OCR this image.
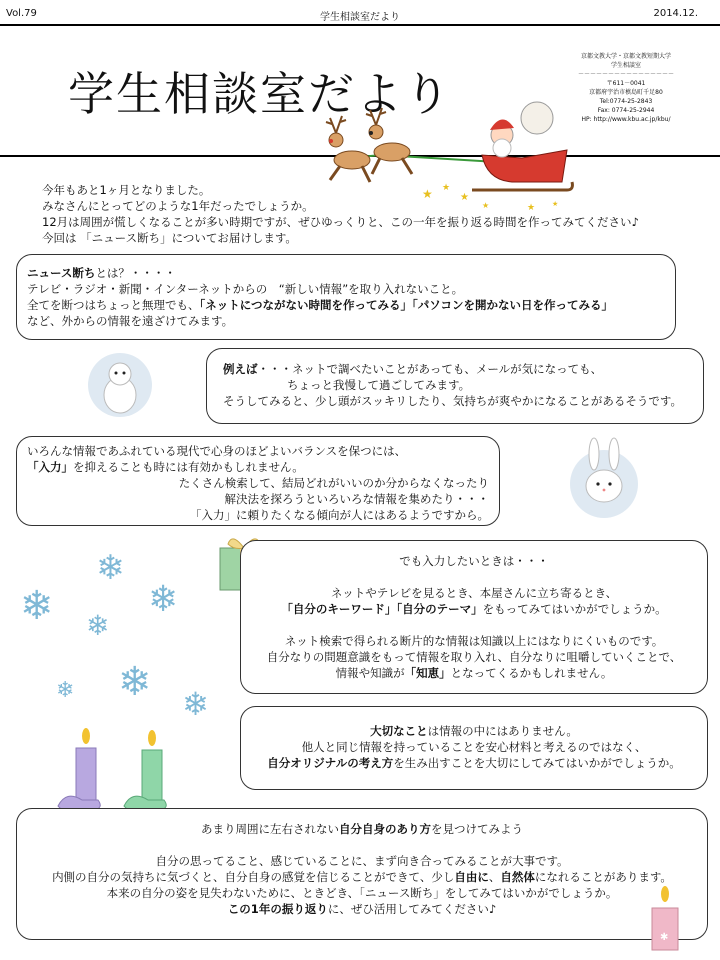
Vol.79	学生相談室だより	2014.12.
学生相談室だより
京都文教大学・京都文教短期大学
学生相談室
－－－－－－－－－－－－－－－－
〒611－0041
京都府宇治市槙島町千足80
Tel:0774-25-2843
Fax: 0774-25-2944
HP: http://www.kbu.ac.jp/kbu/
★ ★
★
★	★ ★
今年もあと1ヶ月となりました。
みなさんにとってどのような1年だったでしょうか。
12月は周囲が慌しくなることが多い時期ですが、ぜひゆっくりと、この一年を振り返る時間を作ってみてください♪
今回は 「ニュース断ち」についてお届けします。
ニュース断ちとは？・・・・
テレビ・ラジオ・新聞・インターネットからの　“新しい情報”を取り入れないこと。
全てを断つはちょっと無理でも、「ネットにつながない時間を作ってみる」「パソコンを開かない日を作ってみる」
など、外からの情報を遠ざけてみます。
例えば・・・ネットで調べたいことがあっても、メールが気になっても、
ちょっと我慢して過ごしてみます。
そうしてみると、少し頭がスッキリしたり、気持ちが爽やかになることがあるそうです。
いろんな情報であふれている現代で心身のほどよいバランスを保つには、
「入力」を抑えることも時には有効かもしれません。
たくさん検索して、結局どれがいいのか分からなくなったり
解決法を探ろうといろいろな情報を集めたり・・・
「入力」に頼りたくなる傾向が人にはあるようですから。
❄
❄	❄
❄
❄
❄	❄
でも入力したいときは・・・
ネットやテレビを見るとき、本屋さんに立ち寄るとき、
「自分のキーワード」「自分のテーマ」をもってみてはいかがでしょうか。
ネット検索で得られる断片的な情報は知識以上にはなりにくいものです。
自分なりの問題意識をもって情報を取り入れ、自分なりに咀嚼していくことで、
情報や知識が「知恵」となってくるかもしれません。
大切なことは情報の中にはありません。
他人と同じ情報を持っていることを安心材料と考えるのではなく、
自分オリジナルの考え方を生み出すことを大切にしてみてはいかがでしょうか。
あまり周囲に左右されない自分自身のあり方を見つけてみよう
自分の思ってること、感じていることに、まず向き合ってみることが大事です。
内側の自分の気持ちに気づくと、自分自身の感覚を信じることができて、少し自由に、自然体になれることがあります。
本来の自分の姿を見失わないために、ときどき、「ニュース断ち」をしてみてはいかがでしょうか。
この1年の振り返りに、ぜひ活用してみてください♪
✱
